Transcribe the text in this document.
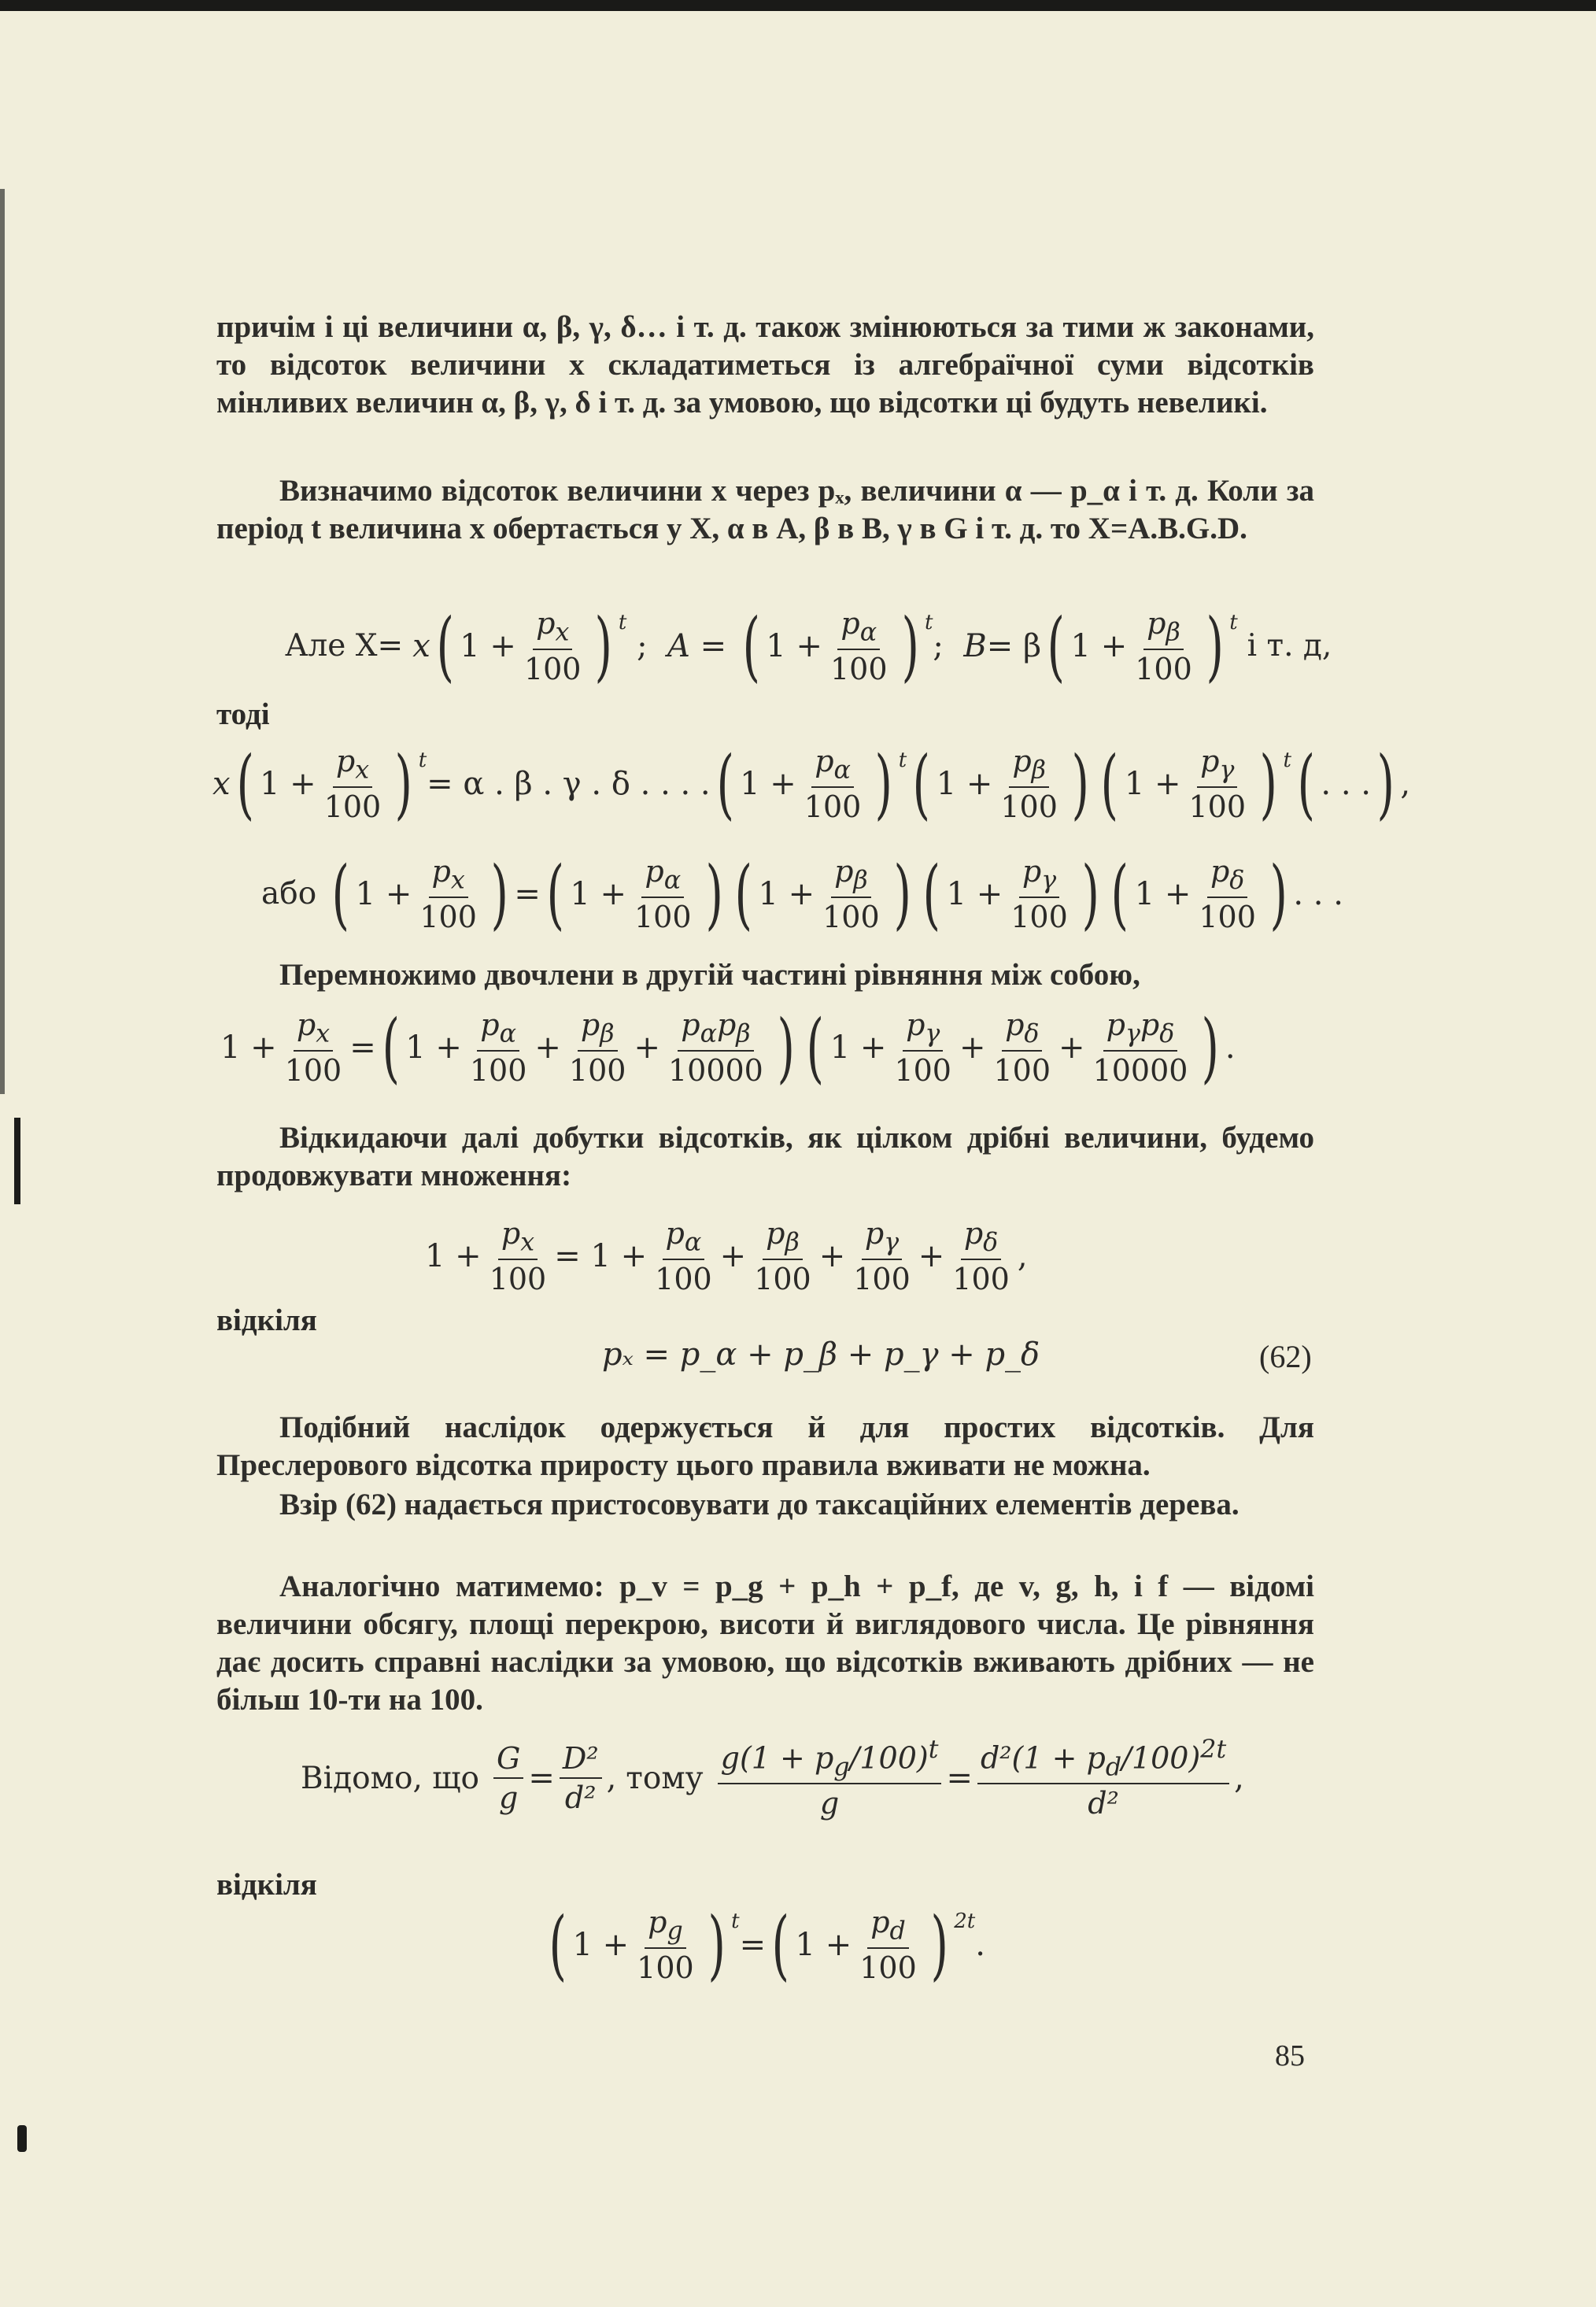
причім і ці величини α, β, γ, δ… і т. д. також змінюються за тими ж законами, то відсоток величини x складатиметься із алгебраїчної суми відсотків мінливих величин α, β, γ, δ і т. д. за умовою, що відсотки ці будуть невеликі.
Визначимо відсоток величини x через pₓ, величини α — p_α і т. д. Коли за період t величина x обертається у X, α в A, β в B, γ в G і т. д. то X=A.B.G.D.
Але X= x ( $1 + \frac{p_x}{100}$ ) t
; A = ( $1 + \frac{p_\alpha}{100}$ ) t
; B = β ( $1 + \frac{p_\beta}{100}$ ) t
і т. д,
тоді
x ( $1 + \frac{p_x}{100}$ ) t
= α . β . γ . δ . . . . ( $1 + \frac{p_\alpha}{100}$ ) t ( $1 + \frac{p_\beta}{100}$ ) ( $1 + \frac{p_\gamma}{100}$ ) t ( . . . ) ,
або ( $1 + \frac{p_x}{100}$ ) = ( $1 + \frac{p_\alpha}{100}$ ) ( $1 + \frac{p_\beta}{100}$ ) ( $1 + \frac{p_\gamma}{100}$ ) ( $1 + \frac{p_\delta}{100}$ ) . . .
Перемножимо двочлени в другій частині рівняння між собою,
$1 + \frac{p_x}{100}$ = ( $1 + \frac{p_\alpha}{100} + \frac{p_\beta}{100} + \frac{p_\alpha p_\beta}{10000}$ ) ( $1 + \frac{p_\gamma}{100} + \frac{p_\delta}{100} + \frac{p_\gamma p_\delta}{10000}$ ) .
Відкидаючи далі добутки відсотків, як цілком дрібні величини, будемо продовжувати множення:
$1 + \frac{p_x}{100} = 1 + \frac{p_\alpha}{100} + \frac{p_\beta}{100} + \frac{p_\gamma}{100} + \frac{p_\delta}{100}$ ,
відкіля
pₓ = p_α + p_β + p_γ + p_δ	(62)
Подібний наслідок одержується й для простих відсотків. Для Преслерового відсотка приросту цього правила вживати не можна.
Взір (62) надається пристосовувати до таксаційних елементів дерева.
Аналогічно матимемо: p_v = p_g + p_h + p_f, де v, g, h, і f — відомі величини обсягу, площі перекрою, висоти й виглядового числа. Це рівняння дає досить справні наслідки за умовою, що відсотків вживають дрібних — не більш 10-ти на 100.
Відомо, що $\frac{G}{g} = \frac{\text{D²}}{\text{d²}}$ , тому $\frac{g(1 + p_g/100)^t}{g} = \frac{d^2(1 + p_d/100)^{2t}}{\text{d²}}$ ,
відкіля
( $1 + \frac{p_g}{100}$ ) t
= ( $1 + \frac{p_d}{100}$ ) 2t
.
85
